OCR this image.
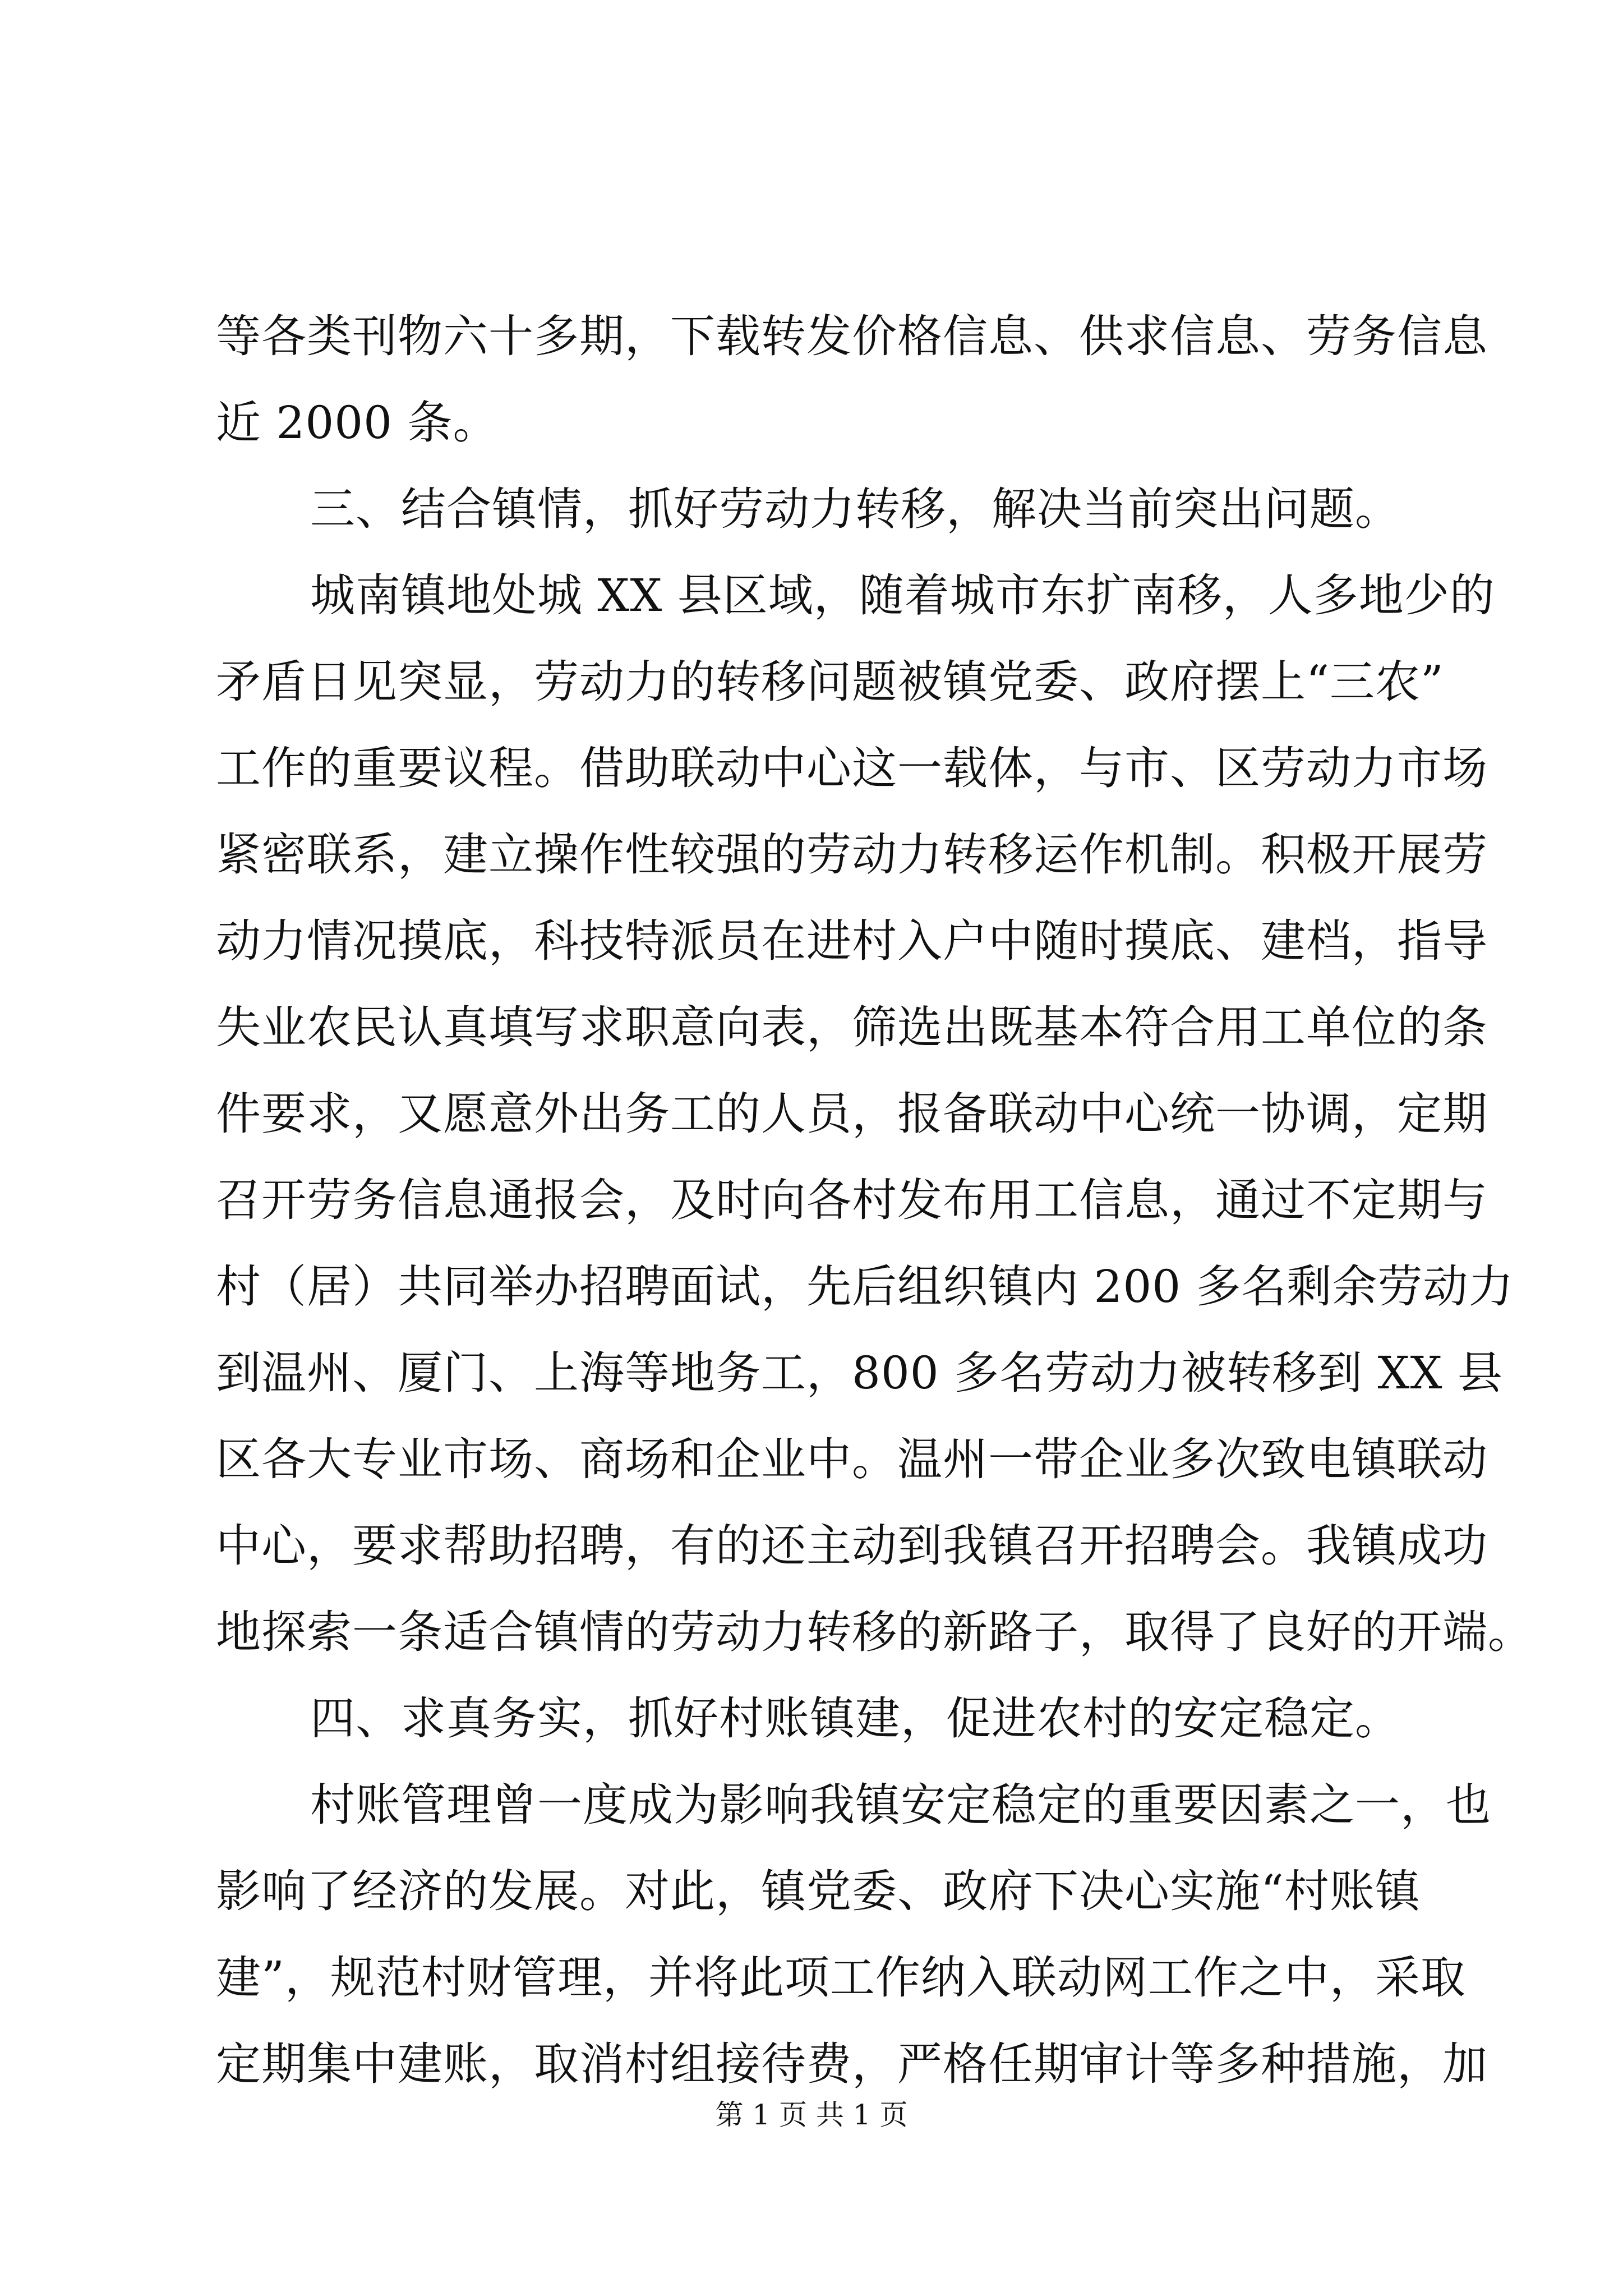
等各类刊物六十多期，下载转发价格信息、供求信息、劳务信息
近 2000 条。
三、结合镇情，抓好劳动力转移，解决当前突出问题。
城南镇地处城 XX 县区域，随着城市东扩南移，人多地少的
矛盾日见突显，劳动力的转移问题被镇党委、政府摆上“三农”
工作的重要议程。借助联动中心这一载体，与市、区劳动力市场
紧密联系，建立操作性较强的劳动力转移运作机制。积极开展劳
动力情况摸底，科技特派员在进村入户中随时摸底、建档，指导
失业农民认真填写求职意向表，筛选出既基本符合用工单位的条
件要求，又愿意外出务工的人员，报备联动中心统一协调，定期
召开劳务信息通报会，及时向各村发布用工信息，通过不定期与
村（居）共同举办招聘面试，先后组织镇内 200 多名剩余劳动力
到温州、厦门、上海等地务工，800 多名劳动力被转移到 XX 县
区各大专业市场、商场和企业中。温州一带企业多次致电镇联动
中心，要求帮助招聘，有的还主动到我镇召开招聘会。我镇成功
地探索一条适合镇情的劳动力转移的新路子，取得了良好的开端。
四、求真务实，抓好村账镇建，促进农村的安定稳定。
村账管理曾一度成为影响我镇安定稳定的重要因素之一，也
影响了经济的发展。对此，镇党委、政府下决心实施“村账镇
建”，规范村财管理，并将此项工作纳入联动网工作之中，采取
定期集中建账，取消村组接待费，严格任期审计等多种措施，加
第 1 页 共 1 页
